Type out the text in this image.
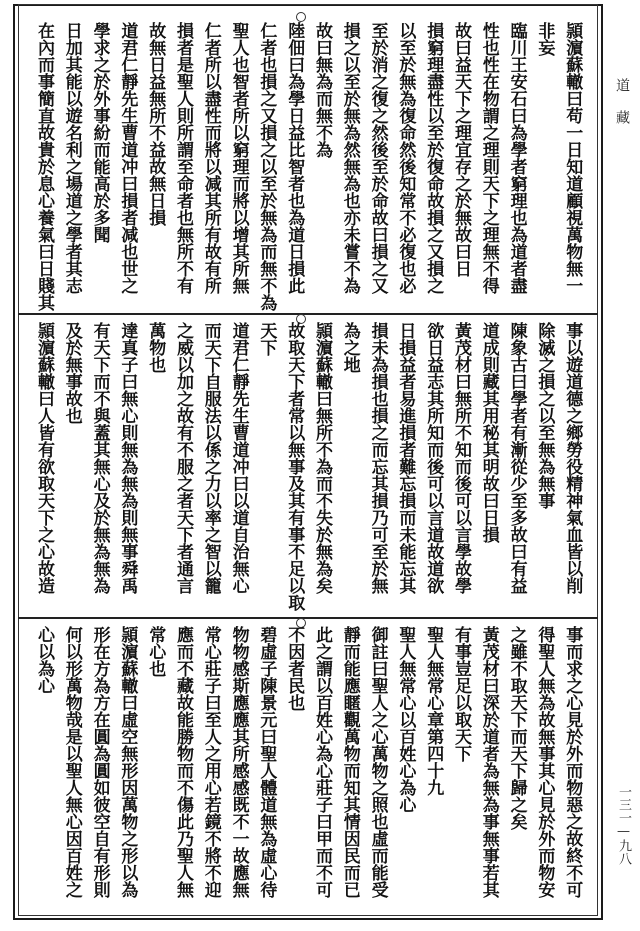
頴濵蘇轍曰苟一日知道顧視萬物無一
非妄
臨川王安石曰為學者窮理也為道者盡
性也性在物謂之理則天下之理無不得
故曰益天下之理宜存之於無故曰日
損窮理盡性以至於復命故損之又損之
以至於無為復命然後知常不必復也必
至於消之復之然後至於命故曰損之又
損之以至於無為然無為也亦未嘗不為
故曰無為而無不為
陸佃曰為學日益比智者也為道日損此
仁者也損之又損之以至於無為而無不為
聖人也智者所以窮理而將以增其所無
仁者所以盡性而將以减其所有故有所
損者是聖人則所謂至命者也無所不有
故無日益無所不益故無日損
道君仁靜先生曹道冲曰損者减也世之
學求之於外事紛而能高於多聞
日加其能以遊名利之場道之學者其志
在內而事簡直故貴於息心養氣曰日賤其
事以遊道德之鄉勞役精神氣血皆以削
除滅之損之以至無為無事
陳象古曰學者有漸從少至多故曰有益
道成則藏其用秘其明故曰日損
黃茂材曰無所不知而後可以言學故學
欲日益志其所知而後可以言道故道欲
日損益者易進損者難忘損而未能忘其
損未為損也損之而忘其損乃可至於無
為之地
頴濵蘇轍曰無所不為而不失於無為矣
故取天下者常以無事及其有事不足以取
天下
道君仁靜先生曹道冲曰以道自治無心
而天下自服法以係之力以率之智以籠
之威以加之故有不服之者天下者通言
萬物也
達真子曰無心則無為無為則無事舜禹
有天下而不與蓋其無心及於無為無為
及於無事故也
頴濵蘇轍曰人皆有欲取天下之心故造
事而求之心見於外而物惡之故終不可
得聖人無為故無事其心見於外而物安
之雖不取天下而天下歸之矣
黃茂材曰深於道者為無為事無事若其
有事豈足以取天下
聖人無常心章第四十九
聖人無常心以百姓心為心
御註曰聖人之心萬物之照也虛而能受
靜而能應䁥觀萬物而知其情因民而已
此之謂以百姓心為心莊子曰甲而不可
不因者民也
碧虛子陳景元曰聖人體道無為虛心待
物物感斯應應其所感感既不一故應無
常心莊子曰至人之用心若鏡不將不迎
應而不藏故能勝物而不傷此乃聖人無
常心也
頴濵蘇轍曰虛空無形因萬物之形以為
形在方為方在圓為圓如彼空自有形則
何以形萬物哉是以聖人無心因百姓之
心以為心
道
藏
一三一—九八
